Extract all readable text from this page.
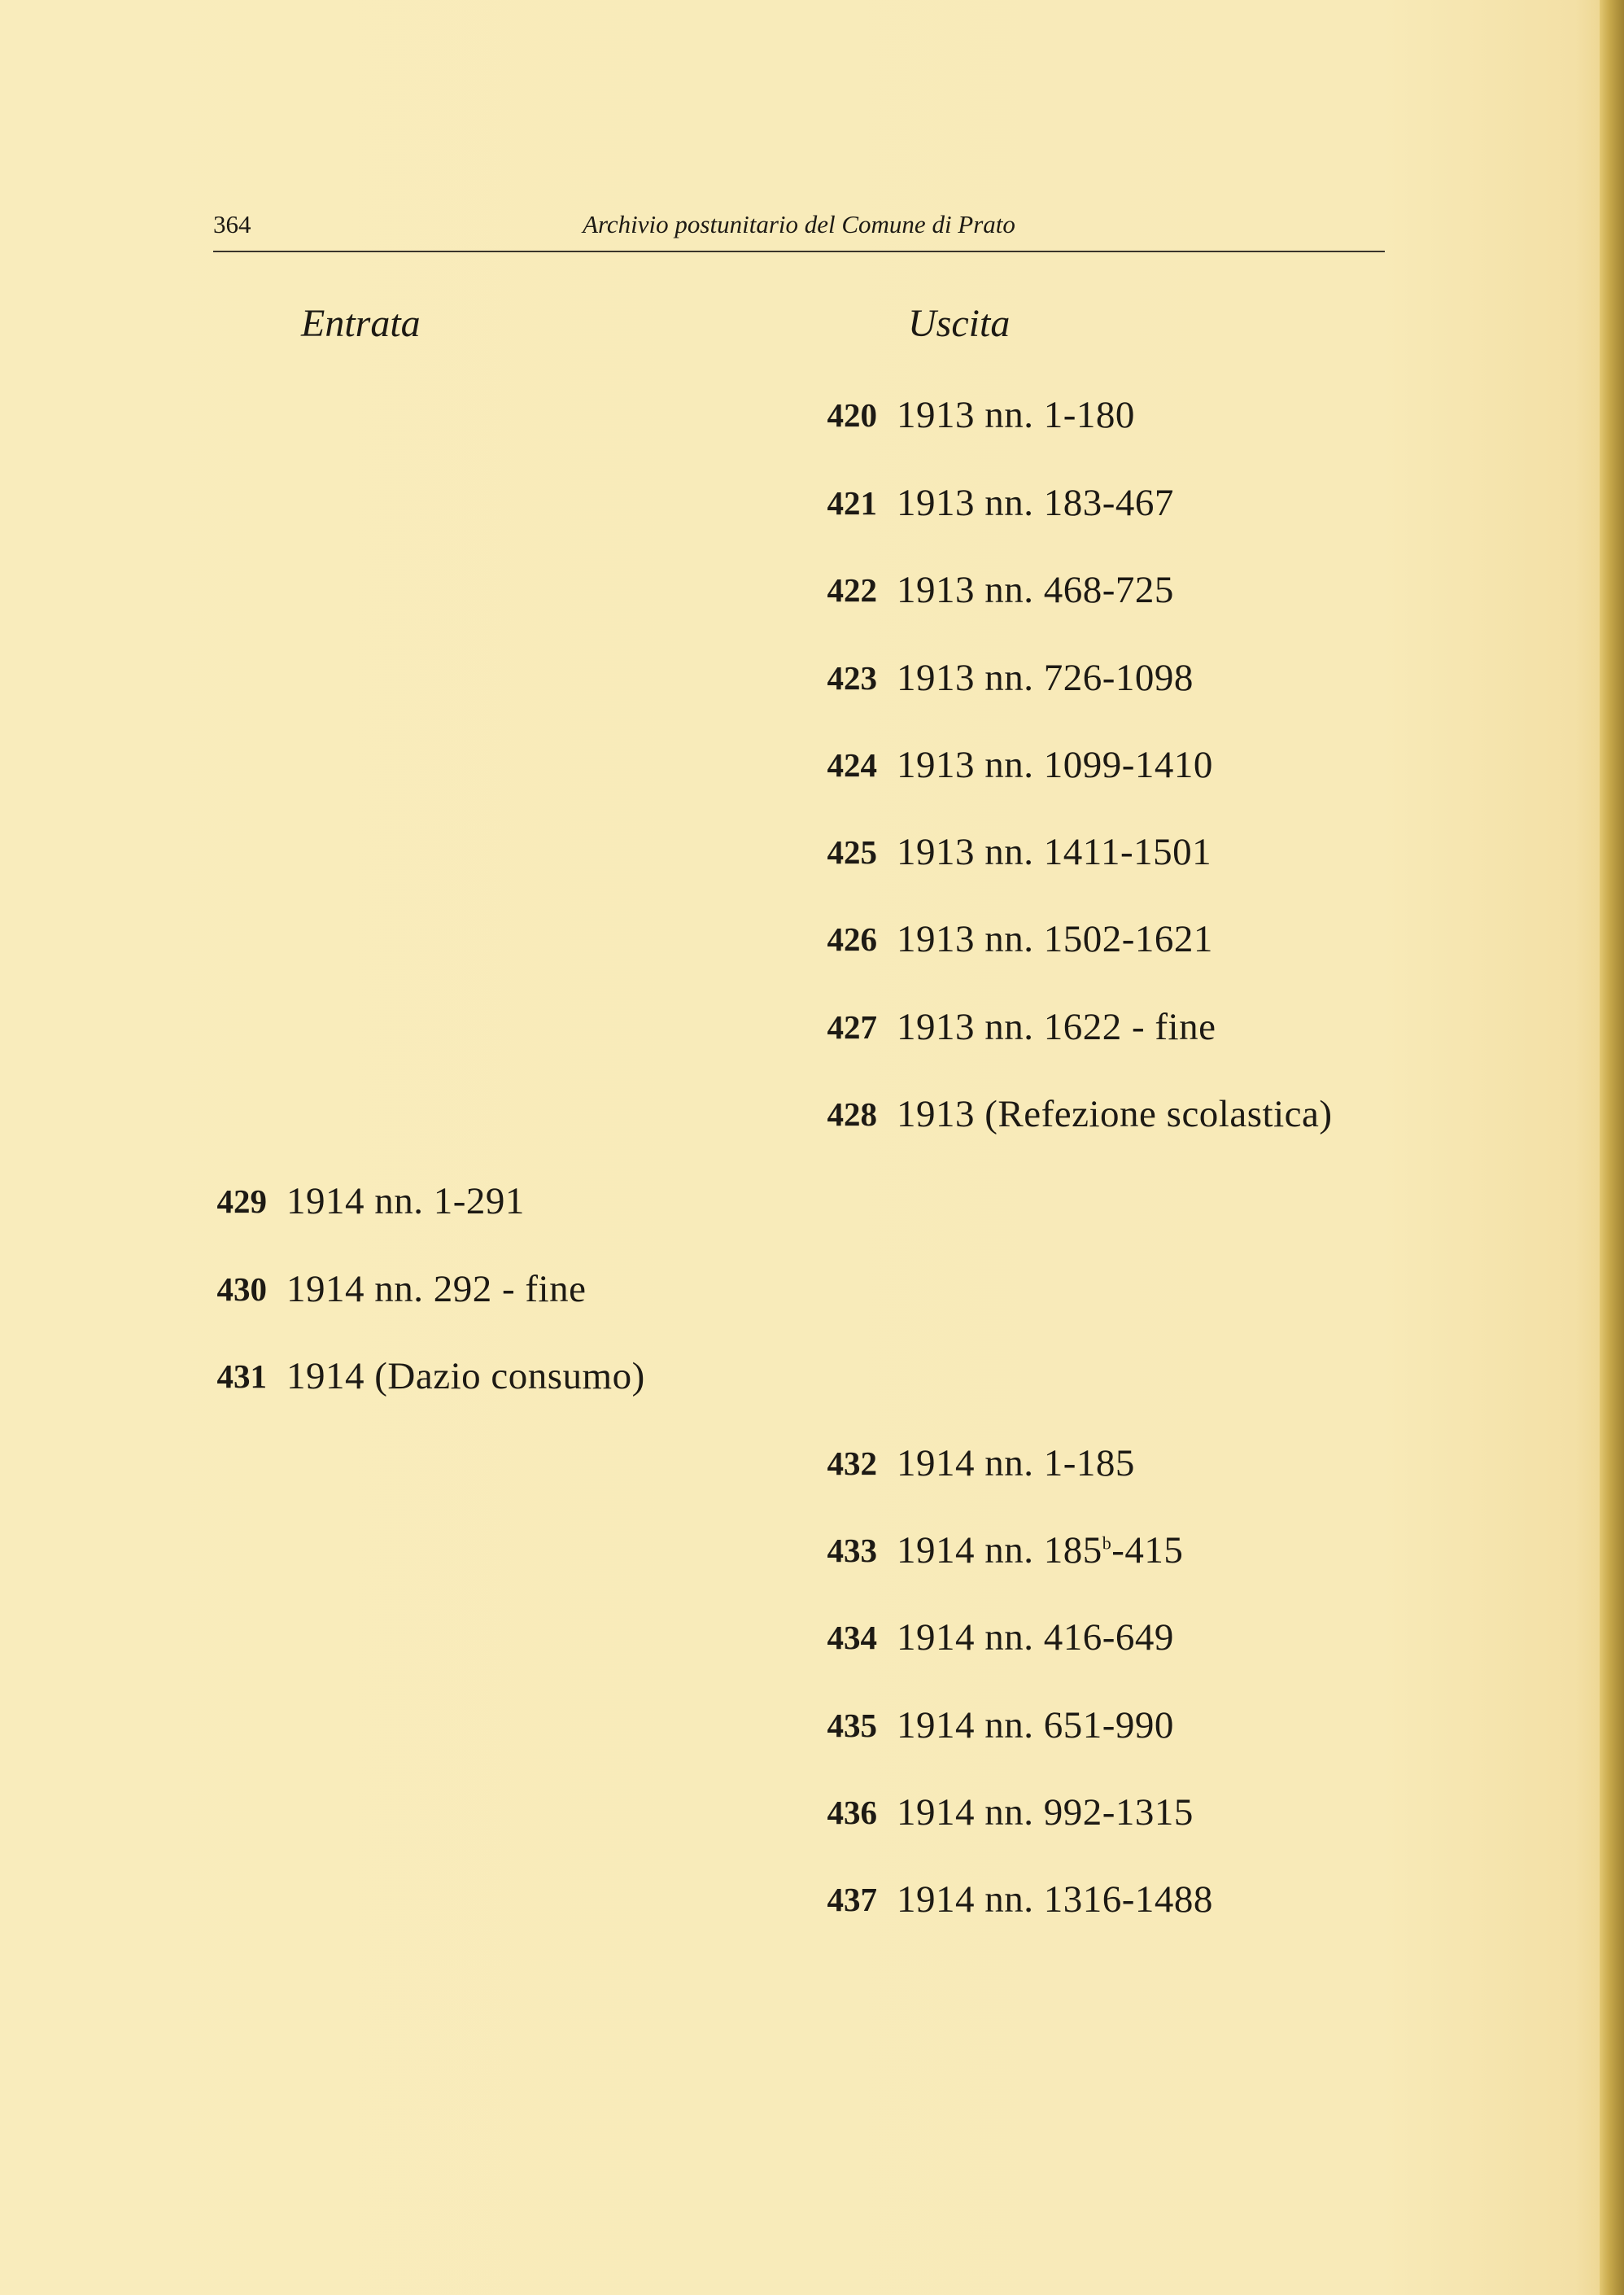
364	Archivio postunitario del Comune di Prato
Entrata	Uscita
420 1913 nn. 1-180
421 1913 nn. 183-467
422 1913 nn. 468-725
423 1913 nn. 726-1098
424 1913 nn. 1099-1410
425 1913 nn. 1411-1501
426 1913 nn. 1502-1621
427 1913 nn. 1622 - fine
428 1913 (Refezione scolastica)
429 1914 nn. 1-291
430 1914 nn. 292 - fine
431 1914 (Dazio consumo)
432 1914 nn. 1-185
433 1914 nn. 185$^b$-415
434 1914 nn. 416-649
435 1914 nn. 651-990
436 1914 nn. 992-1315
437 1914 nn. 1316-1488
